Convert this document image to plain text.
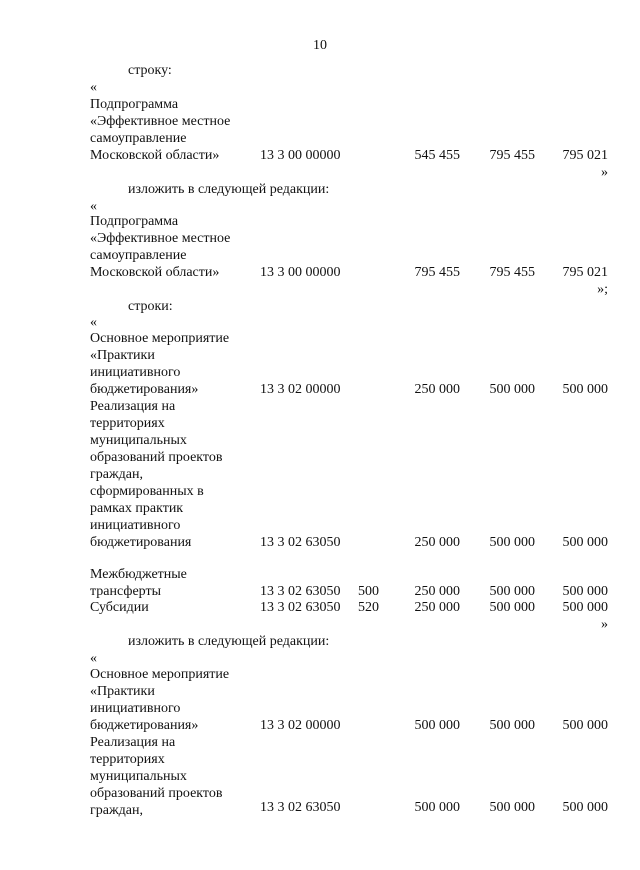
10
строку:
«
Подпрограмма
«Эффективное местное
самоуправление
Московской области»	13 3 00 00000	545 455	795 455	795 021
»
изложить в следующей редакции:
«
Подпрограмма
«Эффективное местное
самоуправление
Московской области»	13 3 00 00000	795 455	795 455	795 021
»;
строки:
«
Основное мероприятие
«Практики
инициативного
бюджетирования»	13 3 02 00000	250 000	500 000	500 000
Реализация на
территориях
муниципальных
образований проектов
граждан,
сформированных в
рамках практик
инициативного
бюджетирования	13 3 02 63050	250 000	500 000	500 000
Межбюджетные
трансферты	13 3 02 63050 500	250 000	500 000	500 000
Субсидии	13 3 02 63050 520	250 000	500 000	500 000
»
изложить в следующей редакции:
«
Основное мероприятие
«Практики
инициативного
бюджетирования»	13 3 02 00000	500 000	500 000	500 000
Реализация на
территориях
муниципальных
образований проектов
граждан,	13 3 02 63050	500 000	500 000	500 000
